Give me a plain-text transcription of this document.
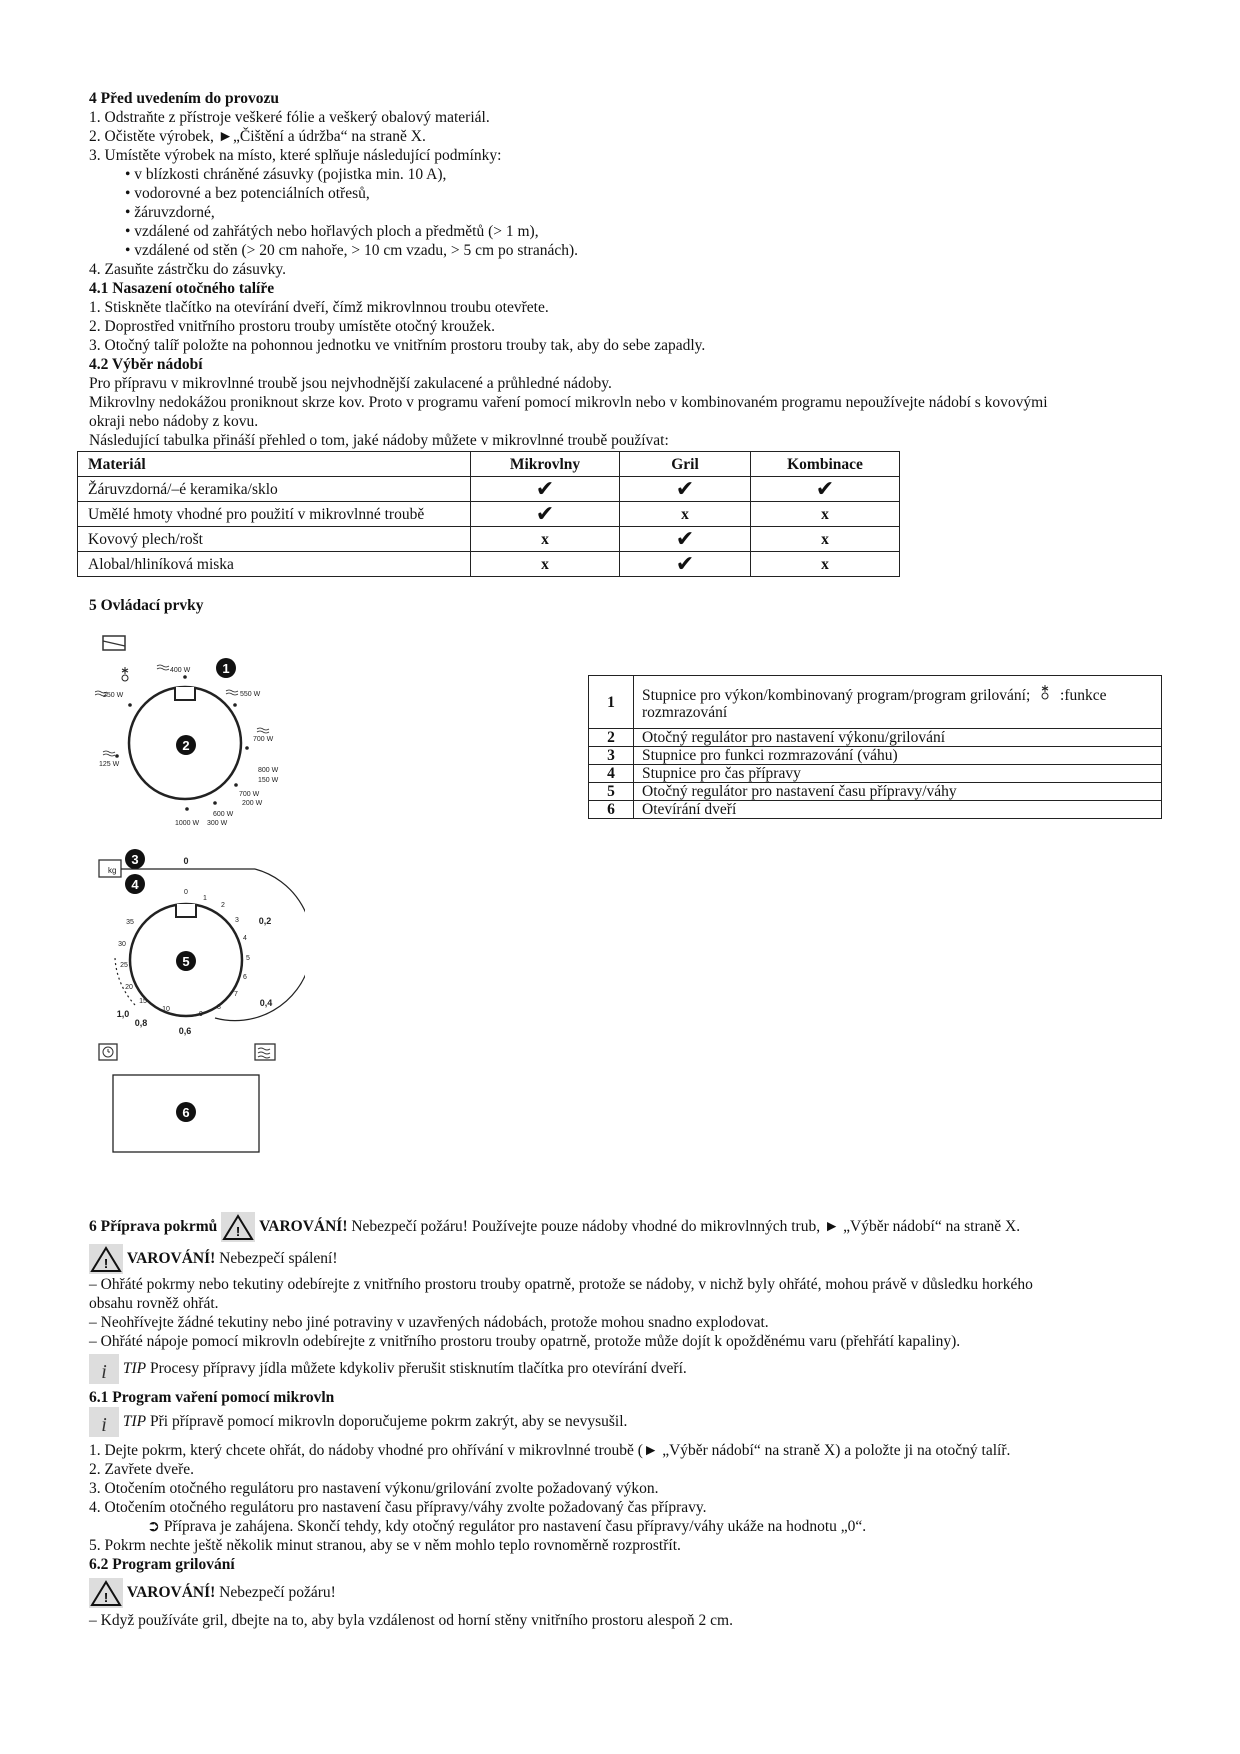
4 Před uvedením do provozu
1. Odstraňte z přístroje veškeré fólie a veškerý obalový materiál.
2. Očistěte výrobek, ►„Čištění a údržba“ na straně X.
3. Umístěte výrobek na místo, které splňuje následující podmínky:
• v blízkosti chráněné zásuvky (pojistka min. 10 A),
• vodorovné a bez potenciálních otřesů,
• žáruvzdorné,
• vzdálené od zahřátých nebo hořlavých ploch a předmětů (> 1 m),
• vzdálené od stěn (> 20 cm nahoře, > 10 cm vzadu, > 5 cm po stranách).
4. Zasuňte zástrčku do zásuvky.
4.1 Nasazení otočného talíře
1. Stiskněte tlačítko na otevírání dveří, čímž mikrovlnnou troubu otevřete.
2. Doprostřed vnitřního prostoru trouby umístěte otočný kroužek.
3. Otočný talíř položte na pohonnou jednotku ve vnitřním prostoru trouby tak, aby do sebe zapadly.
4.2 Výběr nádobí
Pro přípravu v mikrovlnné troubě jsou nejvhodnější zakulacené a průhledné nádoby.
Mikrovlny nedokážou proniknout skrze kov. Proto v programu vaření pomocí mikrovln nebo v kombinovaném programu nepoužívejte nádobí s kovovými
okraji nebo nádoby z kovu.
Následující tabulka přináší přehled o tom, jaké nádoby můžete v mikrovlnné troubě používat:
Materiál	Mikrovlny	Gril	Kombinace
Žáruvzdorná/–é keramika/sklo	✔	✔	✔
Umělé hmoty vhodné pro použití v mikrovlnné troubě	✔	x	x
Kovový plech/rošt	x	✔	x
Alobal/hliníková miska	x	✔	x
5 Ovládací prvky
400 W
550 W
700 W
800 W
150 W
700 W
200 W
600 W
300 W
1000 W
125 W
250 W
1
2
kg
3
4
5
0
1
2
3
4
5
6
7
8
9
10
15
20
25
30
35
0
0,2
0,4
0,6
0,8
1,0
6
1	Stupnice pro výkon/kombinovaný program/program grilování; :funkce
rozmrazování
2	Otočný regulátor pro nastavení výkonu/grilování
3	Stupnice pro funkci rozmrazování (váhu)
4	Stupnice pro čas přípravy
5	Otočný regulátor pro nastavení času přípravy/váhy
6	Otevírání dveří
6 Příprava pokrmů ! VAROVÁNÍ! Nebezpečí požáru! Používejte pouze nádoby vhodné do mikrovlnných trub, ► „Výběr nádobí“ na straně X.
! VAROVÁNÍ! Nebezpečí spálení!
– Ohřáté pokrmy nebo tekutiny odebírejte z vnitřního prostoru trouby opatrně, protože se nádoby, v nichž byly ohřáté, mohou právě v důsledku horkého
obsahu rovněž ohřát.
– Neohřívejte žádné tekutiny nebo jiné potraviny v uzavřených nádobách, protože mohou snadno explodovat.
– Ohřáté nápoje pomocí mikrovln odebírejte z vnitřního prostoru trouby opatrně, protože může dojít k opožděnému varu (přehřátí kapaliny).
i TIP Procesy přípravy jídla můžete kdykoliv přerušit stisknutím tlačítka pro otevírání dveří.
6.1 Program vaření pomocí mikrovln
i TIP Při přípravě pomocí mikrovln doporučujeme pokrm zakrýt, aby se nevysušil.
1. Dejte pokrm, který chcete ohřát, do nádoby vhodné pro ohřívání v mikrovlnné troubě (► „Výběr nádobí“ na straně X) a položte ji na otočný talíř.
2. Zavřete dveře.
3. Otočením otočného regulátoru pro nastavení výkonu/grilování zvolte požadovaný výkon.
4. Otočením otočného regulátoru pro nastavení času přípravy/váhy zvolte požadovaný čas přípravy.
➲ Příprava je zahájena. Skončí tehdy, kdy otočný regulátor pro nastavení času přípravy/váhy ukáže na hodnotu „0“.
5. Pokrm nechte ještě několik minut stranou, aby se v něm mohlo teplo rovnoměrně rozprostřít.
6.2 Program grilování
! VAROVÁNÍ! Nebezpečí požáru!
– Když používáte gril, dbejte na to, aby byla vzdálenost od horní stěny vnitřního prostoru alespoň 2 cm.
